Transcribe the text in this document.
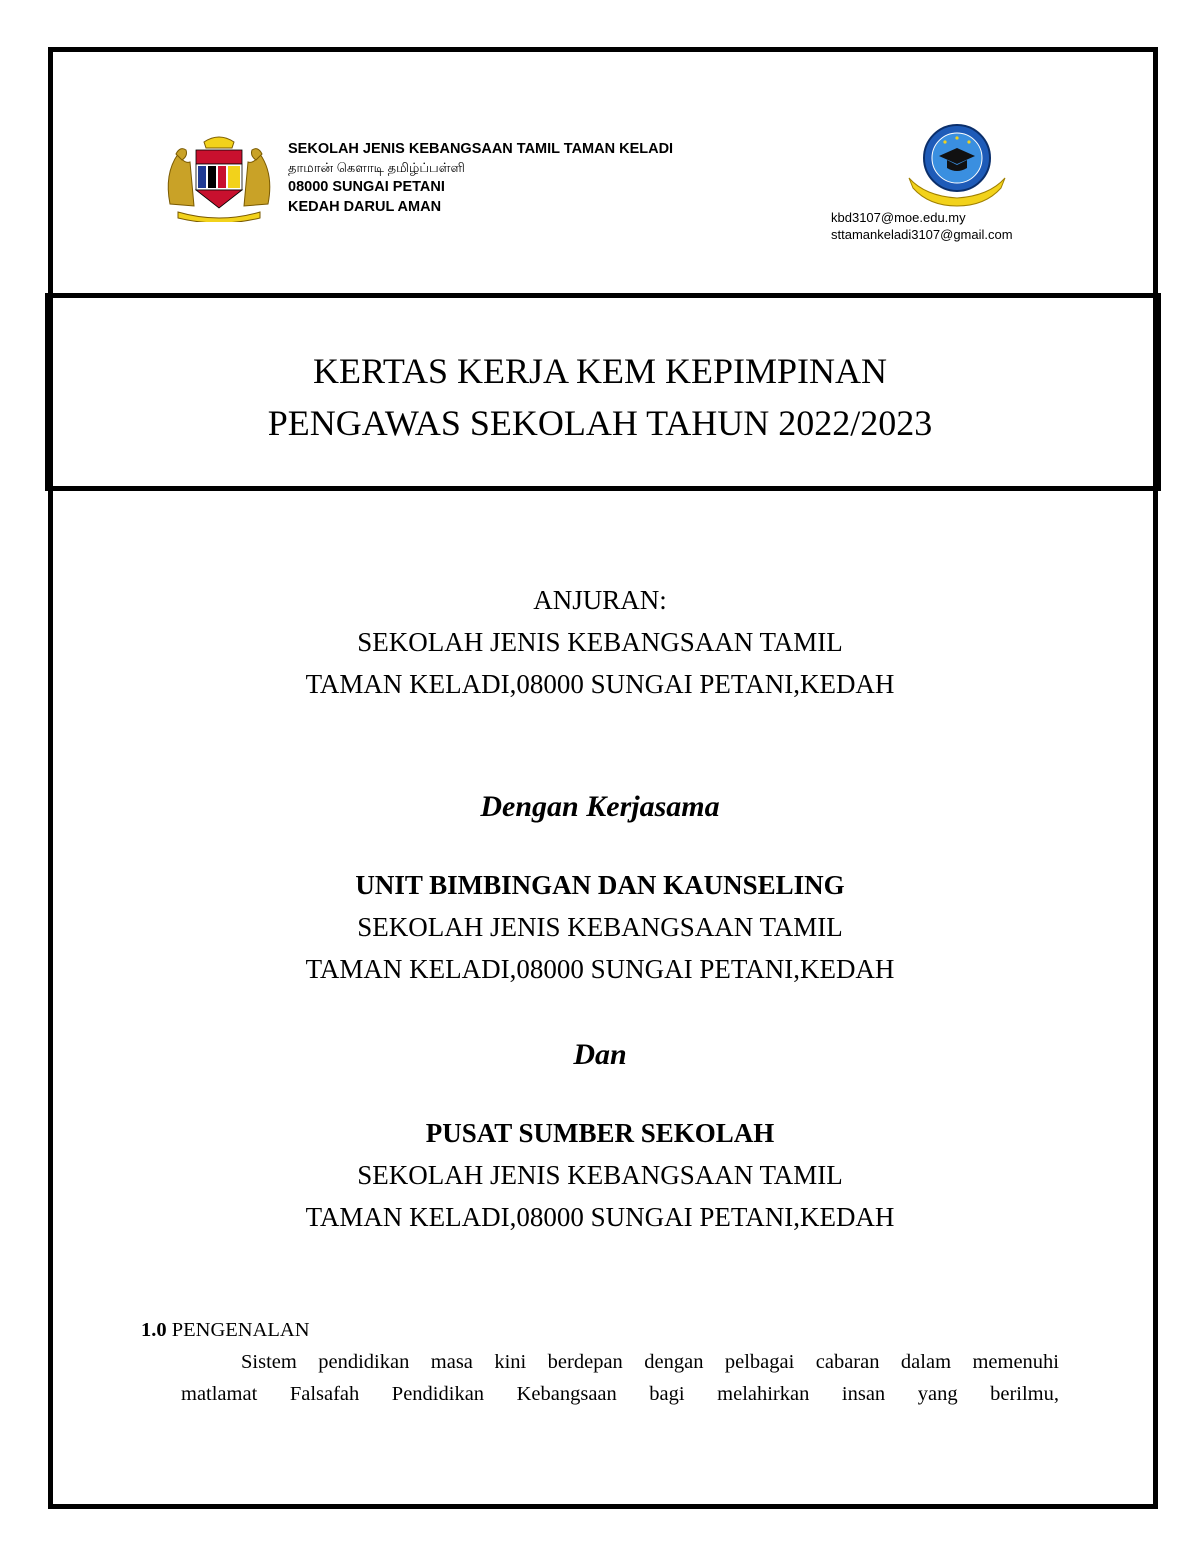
SEKOLAH JENIS KEBANGSAAN TAMIL TAMAN KELADI
தாமான் கெளாடி தமிழ்ப்பள்ளி
08000 SUNGAI PETANI
KEDAH DARUL AMAN
kbd3107@moe.edu.my
sttamankeladi3107@gmail.com
KERTAS KERJA KEM KEPIMPINAN
PENGAWAS SEKOLAH TAHUN 2022/2023
ANJURAN:
SEKOLAH JENIS KEBANGSAAN TAMIL
TAMAN KELADI,08000 SUNGAI PETANI,KEDAH
Dengan Kerjasama
UNIT BIMBINGAN DAN KAUNSELING
SEKOLAH JENIS KEBANGSAAN TAMIL
TAMAN KELADI,08000 SUNGAI PETANI,KEDAH
Dan
PUSAT SUMBER SEKOLAH
SEKOLAH JENIS KEBANGSAAN TAMIL
TAMAN KELADI,08000 SUNGAI PETANI,KEDAH
1.0 PENGENALAN
Sistem pendidikan masa kini berdepan dengan pelbagai cabaran dalam memenuhi
matlamat Falsafah Pendidikan Kebangsaan bagi melahirkan insan yang berilmu,
